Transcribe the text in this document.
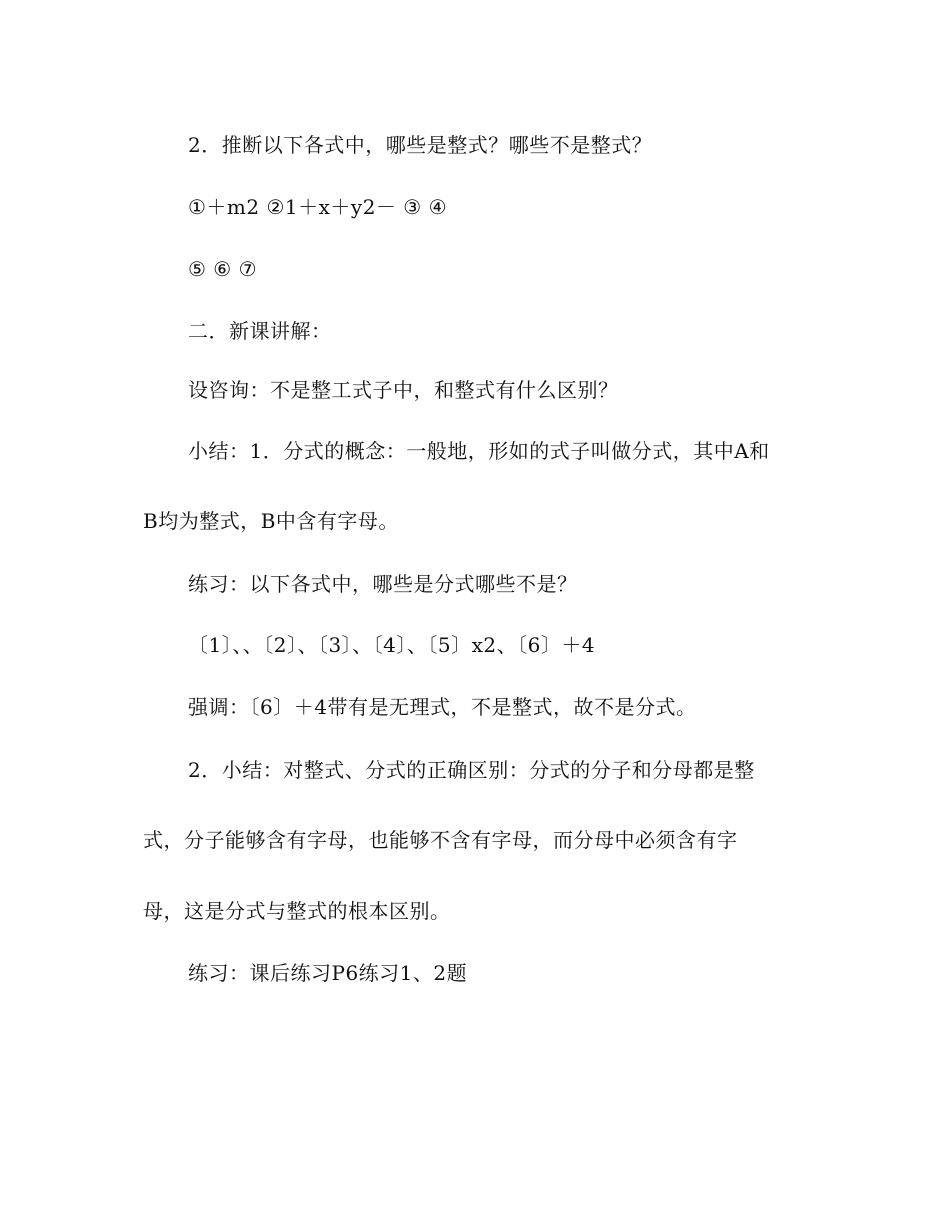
2．推断以下各式中，哪些是整式？哪些不是整式？
①＋m2 ②1＋x＋y2－ ③ ④
⑤ ⑥ ⑦
二．新课讲解：
设咨询：不是整工式子中，和整式有什么区别？
小结：1．分式的概念：一般地，形如的式子叫做分式，其中A和
B均为整式，B中含有字母。
练习：以下各式中，哪些是分式哪些不是？
〔1〕、、〔2〕、〔3〕、〔4〕、〔5〕x2、〔6〕＋4
强调：〔6〕＋4带有是无理式，不是整式，故不是分式。
2．小结：对整式、分式的正确区别：分式的分子和分母都是整
式，分子能够含有字母，也能够不含有字母，而分母中必须含有字
母，这是分式与整式的根本区别。
练习：课后练习P6练习1、2题
